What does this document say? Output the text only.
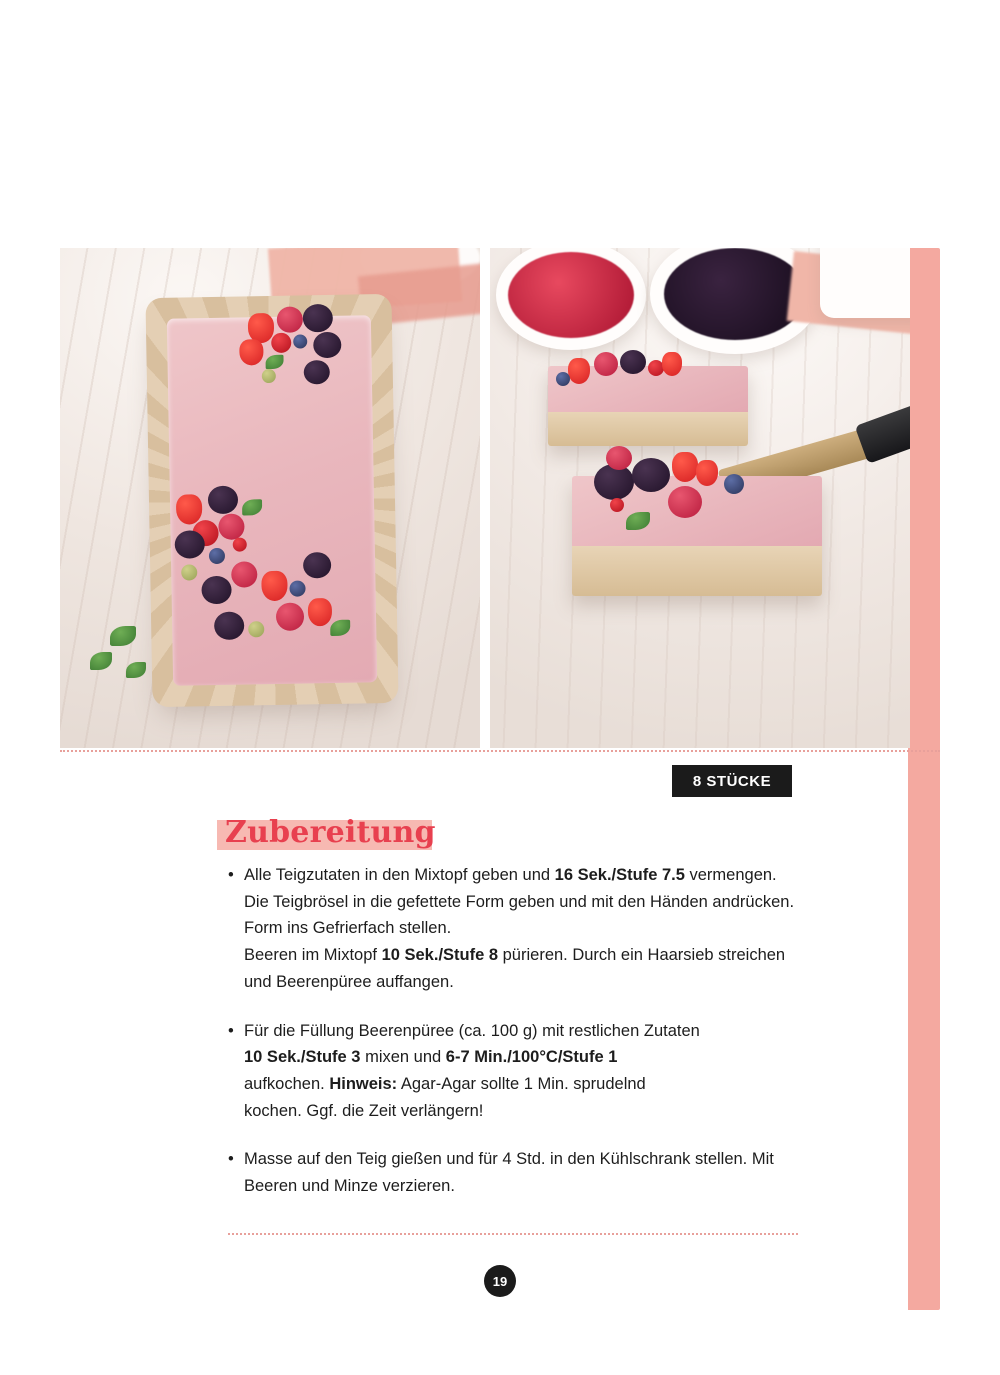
8 STÜCKE
Zubereitung
• Alle Teigzutaten in den Mixtopf geben und 16 Sek./Stufe 7.5 vermengen. Die Teigbrösel in die gefettete Form geben und mit den Händen andrücken. Form ins Gefrierfach stellen.
Beeren im Mixtopf 10 Sek./Stufe 8 pürieren. Durch ein Haarsieb streichen und Beerenpüree auffangen.

• Für die Füllung Beerenpüree (ca. 100 g) mit restlichen Zutaten
10 Sek./Stufe 3 mixen und 6-7 Min./100°C/Stufe 1
aufkochen. Hinweis: Agar-Agar sollte 1 Min. sprudelnd
kochen. Ggf. die Zeit verlängern!

• Masse auf den Teig gießen und für 4 Std. in den Kühlschrank stellen. Mit Beeren und Minze verzieren.

19
